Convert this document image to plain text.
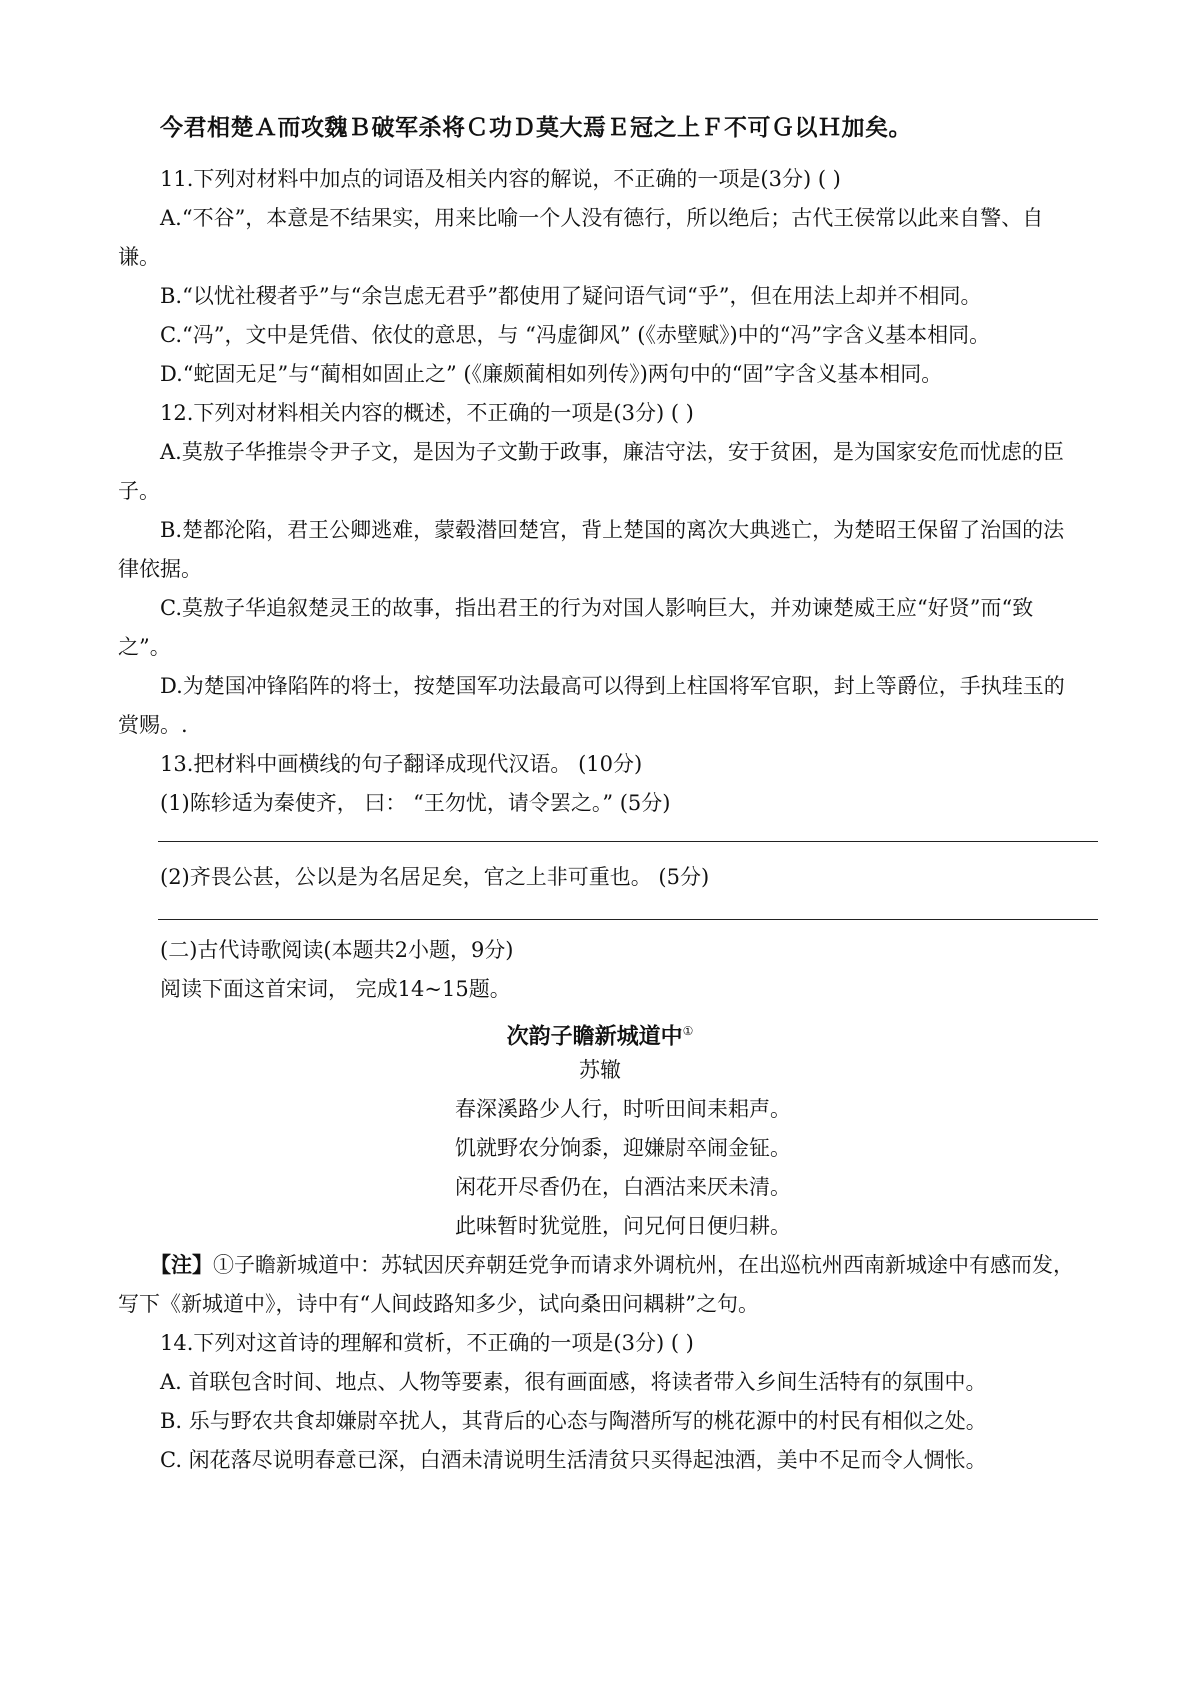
今君相楚Ａ而攻魏Ｂ破军杀将Ｃ功Ｄ莫大焉Ｅ冠之上Ｆ不可Ｇ以Ｈ加矣。
11.下列对材料中加点的词语及相关内容的解说，不正确的一项是(3分) ( )
A.“不谷”，本意是不结果实，用来比喻一个人没有德行，所以绝后；古代王侯常以此来自警、自
谦。
B.“以忧社稷者乎”与“余岂虑无君乎”都使用了疑问语气词“乎”，但在用法上却并不相同。
C.“冯”，文中是凭借、依仗的意思，与 “冯虚御风” (《赤壁赋》)中的“冯”字含义基本相同。
D.“蛇固无足”与“蔺相如固止之” (《廉颇蔺相如列传》)两句中的“固”字含义基本相同。
12.下列对材料相关内容的概述，不正确的一项是(3分) ( )
A.莫敖子华推崇令尹子文，是因为子文勤于政事，廉洁守法，安于贫困，是为国家安危而忧虑的臣
子。
B.楚都沦陷，君王公卿逃难，蒙毂潜回楚宫，背上楚国的离次大典逃亡，为楚昭王保留了治国的法
律依据。
C.莫敖子华追叙楚灵王的故事，指出君王的行为对国人影响巨大，并劝谏楚威王应“好贤”而“致
之”。
D.为楚国冲锋陷阵的将士，按楚国军功法最高可以得到上柱国将军官职，封上等爵位，手执珪玉的
赏赐。.
13.把材料中画横线的句子翻译成现代汉语。 (10分)
(1)陈轸适为秦使齐， 曰： “王勿忧，请令罢之。” (5分)
(2)齐畏公甚，公以是为名居足矣，官之上非可重也。 (5分)
(二)古代诗歌阅读(本题共2小题，9分)
阅读下面这首宋词， 完成14~15题。
次韵子瞻新城道中①
苏辙
春深溪路少人行，时听田间耒耜声。
饥就野农分饷黍，迎嫌尉卒闹金钲。
闲花开尽香仍在，白酒沽来厌未清。
此味暂时犹觉胜，问兄何日便归耕。
【注】①子瞻新城道中：苏轼因厌弃朝廷党争而请求外调杭州，在出巡杭州西南新城途中有感而发，
写下《新城道中》，诗中有“人间歧路知多少，试向桑田问耦耕”之句。
14.下列对这首诗的理解和赏析，不正确的一项是(3分) ( )
A. 首联包含时间、地点、人物等要素，很有画面感，将读者带入乡间生活特有的氛围中。
B. 乐与野农共食却嫌尉卒扰人，其背后的心态与陶潜所写的桃花源中的村民有相似之处。
C. 闲花落尽说明春意已深，白酒未清说明生活清贫只买得起浊酒，美中不足而令人惆怅。
